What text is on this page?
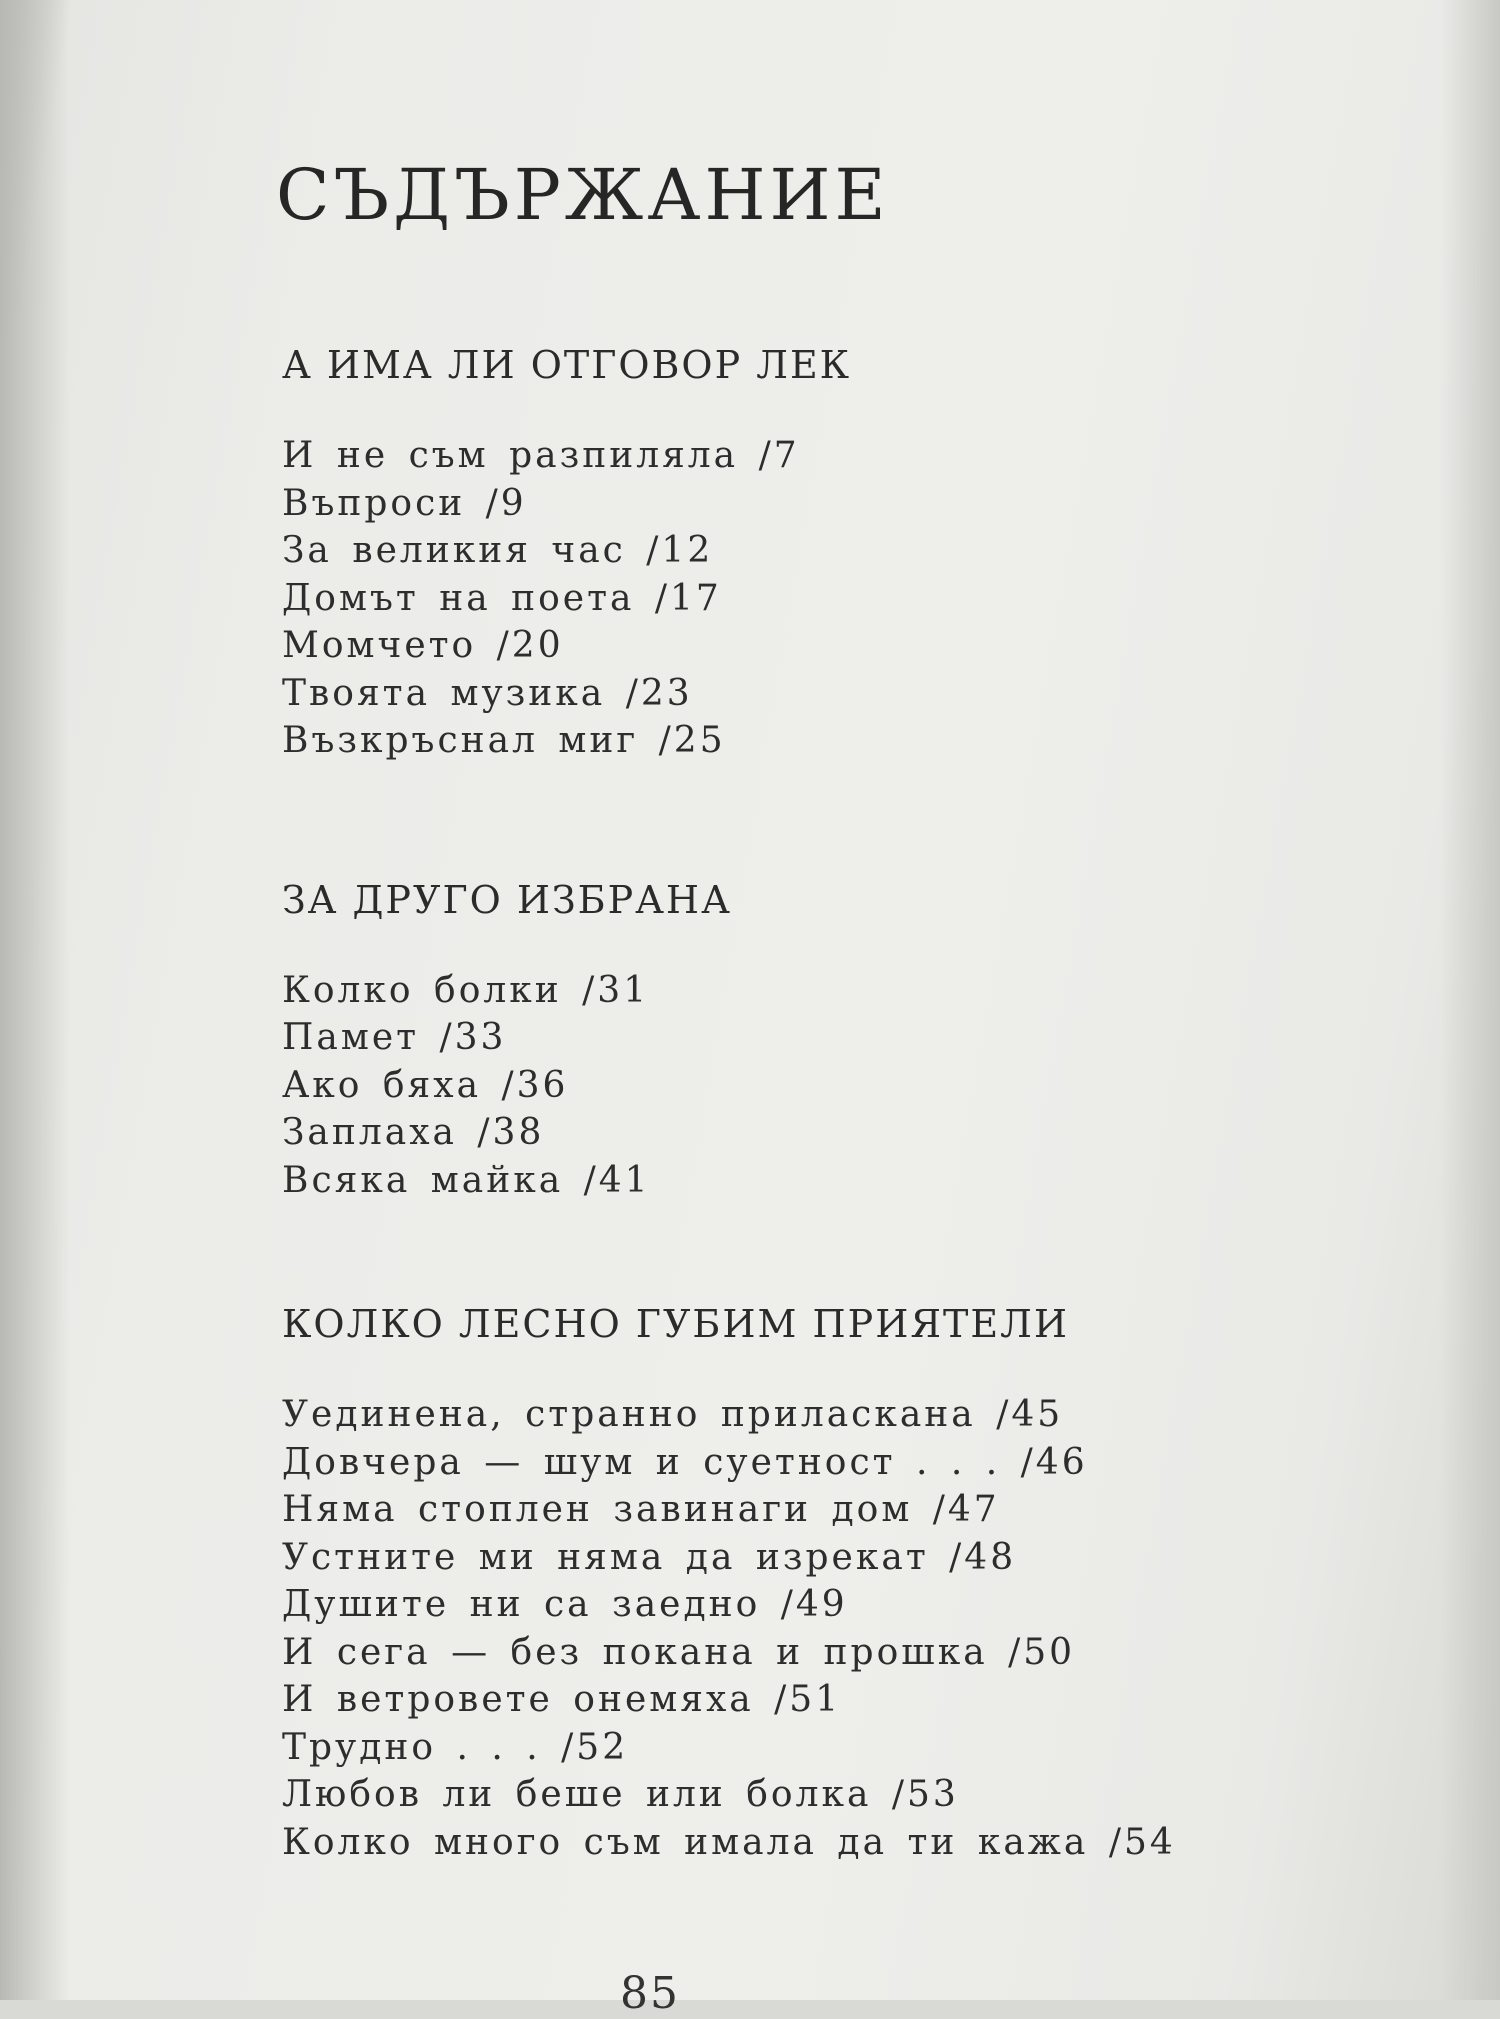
СЪДЪРЖАНИЕ
А ИМА ЛИ ОТГОВОР ЛЕК
И не съм разпиляла /7
Въпроси /9
За великия час /12
Домът на поета /17
Момчето /20
Твоята музика /23
Възкръснал миг /25
ЗА ДРУГО ИЗБРАНА
Колко болки /31
Памет /33
Ако бяха /36
Заплаха /38
Всяка майка /41
КОЛКО ЛЕСНО ГУБИМ ПРИЯТЕЛИ
Уединена, странно приласкана /45
Довчера — шум и суетност . . . /46
Няма стоплен завинаги дом /47
Устните ми няма да изрекат /48
Душите ни са заедно /49
И сега — без покана и прошка /50
И ветровете онемяха /51
Трудно . . . /52
Любов ли беше или болка /53
Колко много съм имала да ти кажа /54
85
